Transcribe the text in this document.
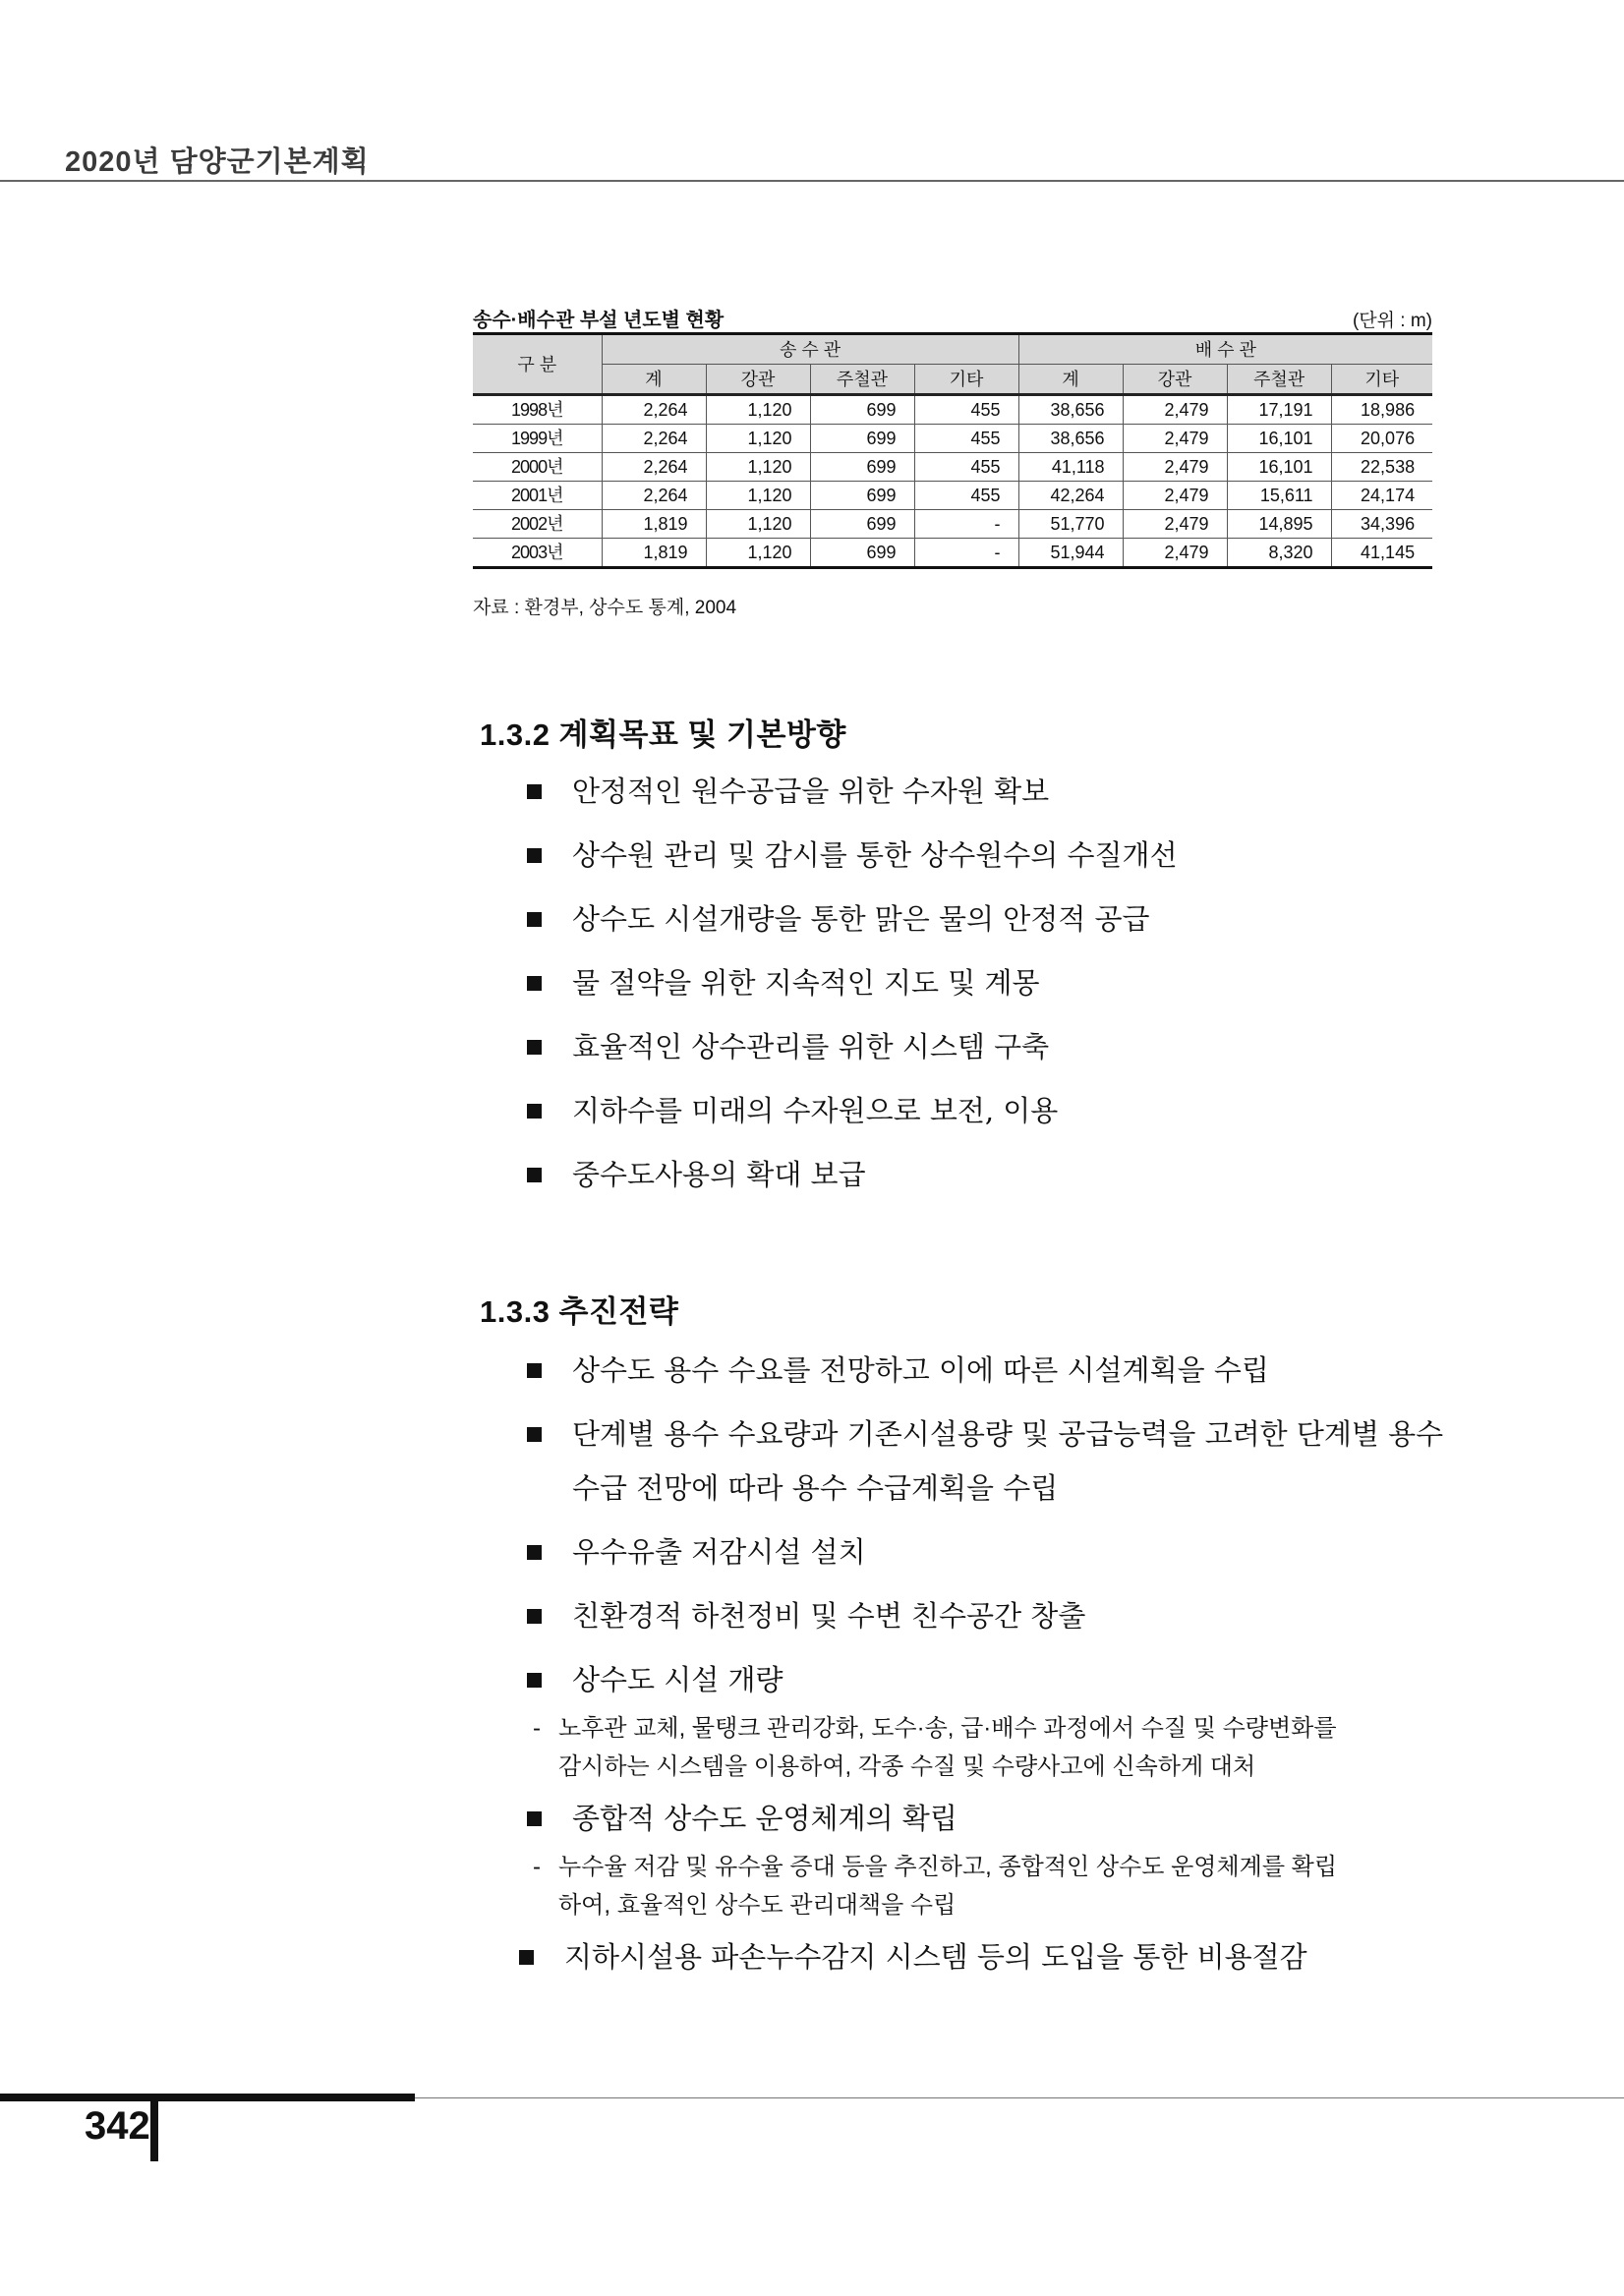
2020년 담양군기본계획
송수·배수관 부설 년도별 현황	(단위 : m)
구 분	송 수 관				배 수 관			
	계	강관	주철관	기타	계	강관	주철관	기타
1998년	2,264	1,120	699	455	38,656	2,479	17,191	18,986
1999년	2,264	1,120	699	455	38,656	2,479	16,101	20,076
2000년	2,264	1,120	699	455	41,118	2,479	16,101	22,538
2001년	2,264	1,120	699	455	42,264	2,479	15,611	24,174
2002년	1,819	1,120	699	-	51,770	2,479	14,895	34,396
2003년	1,819	1,120	699	-	51,944	2,479	8,320	41,145
자료 : 환경부, 상수도 통계, 2004
1.3.2 계획목표 및 기본방향
안정적인 원수공급을 위한 수자원 확보
상수원 관리 및 감시를 통한 상수원수의 수질개선
상수도 시설개량을 통한 맑은 물의 안정적 공급
물 절약을 위한 지속적인 지도 및 계몽
효율적인 상수관리를 위한 시스템 구축
지하수를 미래의 수자원으로 보전, 이용
중수도사용의 확대 보급
1.3.3 추진전략
상수도 용수 수요를 전망하고 이에 따른 시설계획을 수립
단계별 용수 수요량과 기존시설용량 및 공급능력을 고려한 단계별 용수
수급 전망에 따라 용수 수급계획을 수립
우수유출 저감시설 설치
친환경적 하천정비 및 수변 친수공간 창출
상수도 시설 개량
- 노후관 교체, 물탱크 관리강화, 도수·송, 급·배수 과정에서 수질 및 수량변화를
감시하는 시스템을 이용하여, 각종 수질 및 수량사고에 신속하게 대처
종합적 상수도 운영체계의 확립
- 누수율 저감 및 유수율 증대 등을 추진하고, 종합적인 상수도 운영체계를 확립
하여, 효율적인 상수도 관리대책을 수립
지하시설용 파손누수감지 시스템 등의 도입을 통한 비용절감
342
